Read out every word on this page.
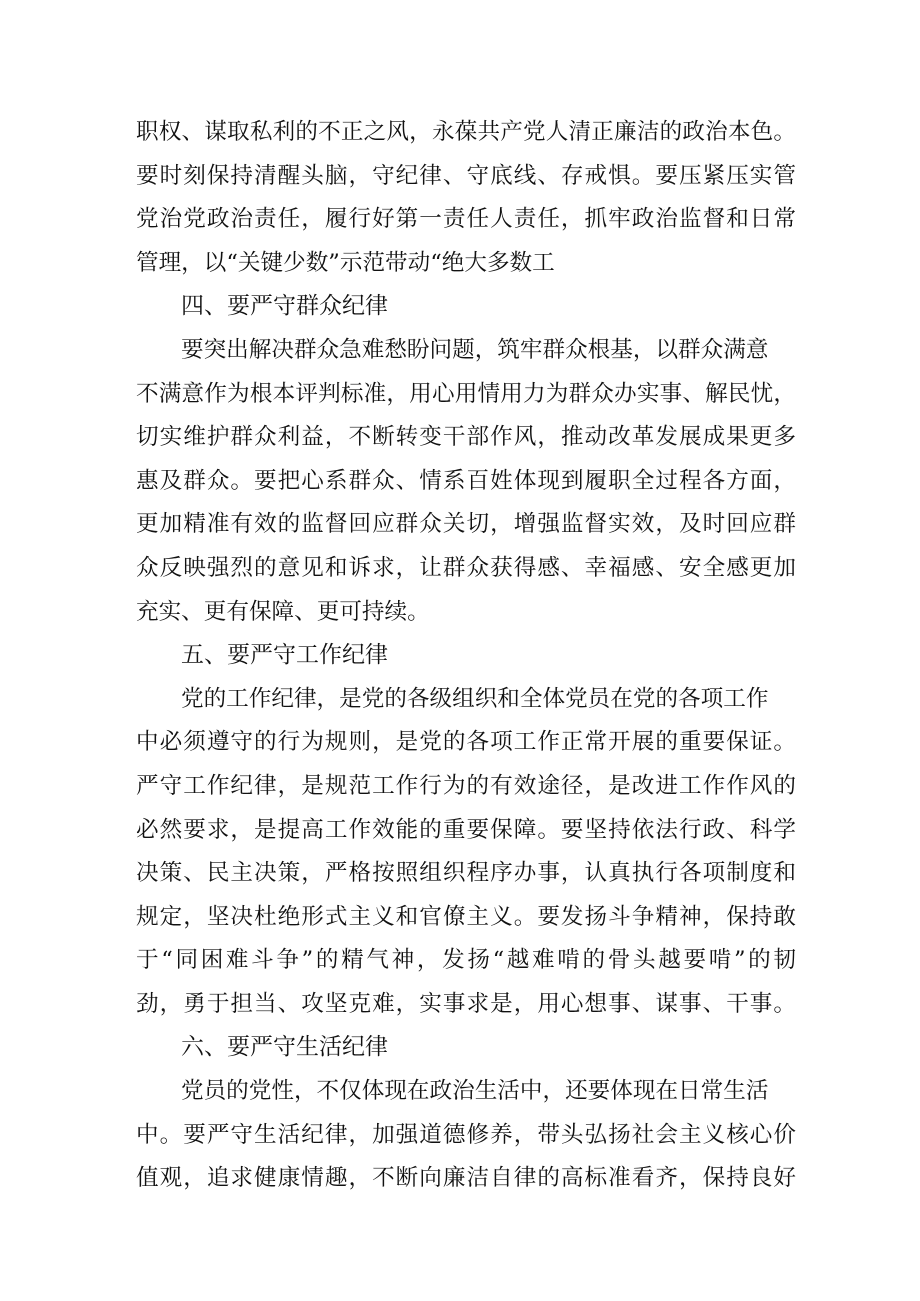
职权、谋取私利的不正之风，永葆共产党人清正廉洁的政治本色。
要时刻保持清醒头脑，守纪律、守底线、存戒惧。要压紧压实管
党治党政治责任，履行好第一责任人责任，抓牢政治监督和日常
管理，以“关键少数”示范带动“绝大多数工
四、要严守群众纪律
要突出解决群众急难愁盼问题，筑牢群众根基，以群众满意
不满意作为根本评判标准，用心用情用力为群众办实事、解民忧，
切实维护群众利益，不断转变干部作风，推动改革发展成果更多
惠及群众。要把心系群众、情系百姓体现到履职全过程各方面，
更加精准有效的监督回应群众关切，增强监督实效，及时回应群
众反映强烈的意见和诉求，让群众获得感、幸福感、安全感更加
充实、更有保障、更可持续。
五、要严守工作纪律
党的工作纪律，是党的各级组织和全体党员在党的各项工作
中必须遵守的行为规则，是党的各项工作正常开展的重要保证。
严守工作纪律，是规范工作行为的有效途径，是改进工作作风的
必然要求，是提高工作效能的重要保障。要坚持依法行政、科学
决策、民主决策，严格按照组织程序办事，认真执行各项制度和
规定，坚决杜绝形式主义和官僚主义。要发扬斗争精神，保持敢
于“同困难斗争”的精气神，发扬“越难啃的骨头越要啃”的韧
劲，勇于担当、攻坚克难，实事求是，用心想事、谋事、干事。
六、要严守生活纪律
党员的党性，不仅体现在政治生活中，还要体现在日常生活
中。要严守生活纪律，加强道德修养，带头弘扬社会主义核心价
值观，追求健康情趣，不断向廉洁自律的高标准看齐，保持良好
